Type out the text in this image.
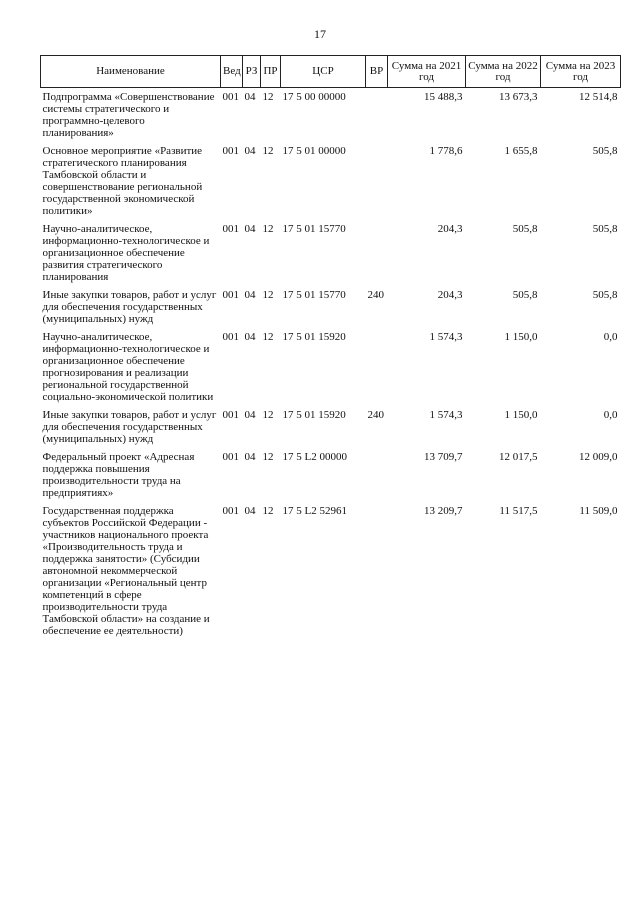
17
Наименование	Вед	РЗ	ПР	ЦСР	ВР	Сумма на 2021 год	Сумма на 2022 год	Сумма на 2023 год
Подпрограмма «Совершенствование системы стратегического и программно-целевого планирования»	001	04	12	17 5 00 00000		15 488,3	13 673,3	12 514,8
Основное мероприятие «Развитие стратегического планирования Тамбовской области и совершенствование региональной государственной экономической политики»	001	04	12	17 5 01 00000		1 778,6	1 655,8	505,8
Научно-аналитическое, информационно-технологическое и организационное обеспечение развития стратегического планирования	001	04	12	17 5 01 15770		204,3	505,8	505,8
Иные закупки товаров, работ и услуг для обеспечения государственных (муниципальных) нужд	001	04	12	17 5 01 15770	240	204,3	505,8	505,8
Научно-аналитическое, информационно-технологическое и организационное обеспечение прогнозирования и реализации региональной государственной социально-экономической политики	001	04	12	17 5 01 15920		1 574,3	1 150,0	0,0
Иные закупки товаров, работ и услуг для обеспечения государственных (муниципальных) нужд	001	04	12	17 5 01 15920	240	1 574,3	1 150,0	0,0
Федеральный проект «Адресная поддержка повышения производительности труда на предприятиях»	001	04	12	17 5 L2 00000		13 709,7	12 017,5	12 009,0
Государственная поддержка субъектов Российской Федерации - участников национального проекта «Производительность труда и поддержка занятости» (Субсидии автономной некоммерческой организации «Региональный центр компетенций в сфере производительности труда Тамбовской области» на создание и обеспечение ее деятельности)	001	04	12	17 5 L2 52961		13 209,7	11 517,5	11 509,0
